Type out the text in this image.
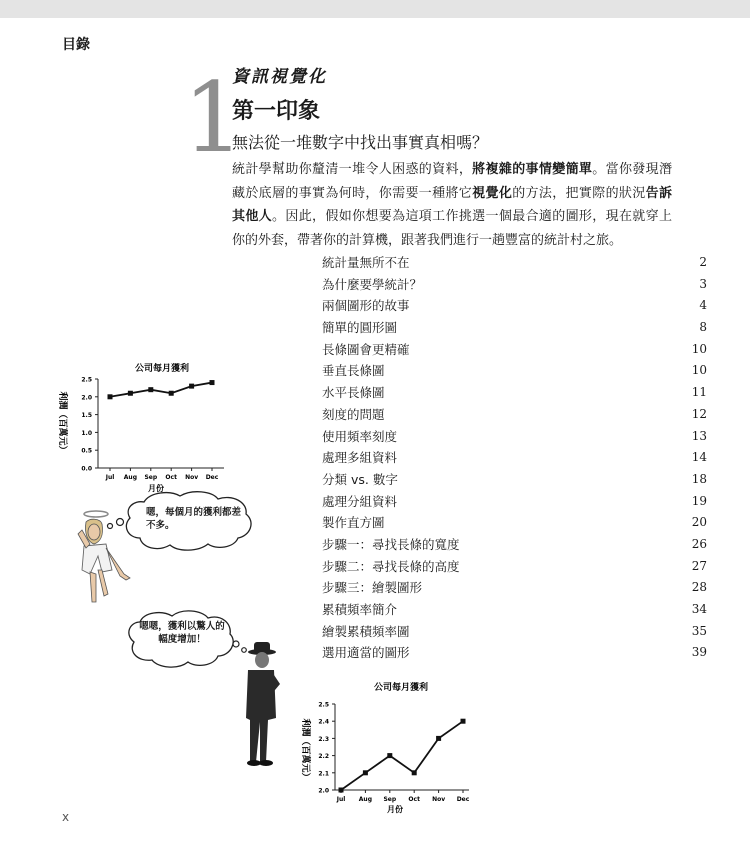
目錄
1
資訊視覺化
第一印象
無法從一堆數字中找出事實真相嗎？
統計學幫助你釐清一堆令人困惑的資料，將複雜的事情變簡單。當你發現潛藏於底層的事實為何時，你需要一種將它視覺化的方法，把實際的狀況告訴其他人。因此，假如你想要為這項工作挑選一個最合適的圖形，現在就穿上你的外套，帶著你的計算機，跟著我們進行一趟豐富的統計村之旅。
統計量無所不在	2
為什麼要學統計？	3
兩個圖形的故事	4
簡單的圓形圖	8
長條圖會更精確	10
垂直長條圖	10
水平長條圖	11
刻度的問題	12
使用頻率刻度	13
處理多組資料	14
分類 vs. 數字	18
處理分組資料	19
製作直方圖	20
步驟一：尋找長條的寬度	26
步驟二：尋找長條的高度	27
步驟三：繪製圖形	28
累積頻率簡介	34
繪製累積頻率圖	35
選用適當的圖形	39
公司每月獲利
利潤（百萬元）
月份
0.0
0.5
1.0
1.5
2.0
2.5
Jul Aug Sep Oct Nov Dec
公司每月獲利
利潤（百萬元）
月份
2.0
2.1
2.2
2.3
2.4
2.5
Jul Aug Sep Oct Nov Dec
嗯，每個月的獲利都差不多。
嗯嗯，獲利以驚人的幅度增加！
x
